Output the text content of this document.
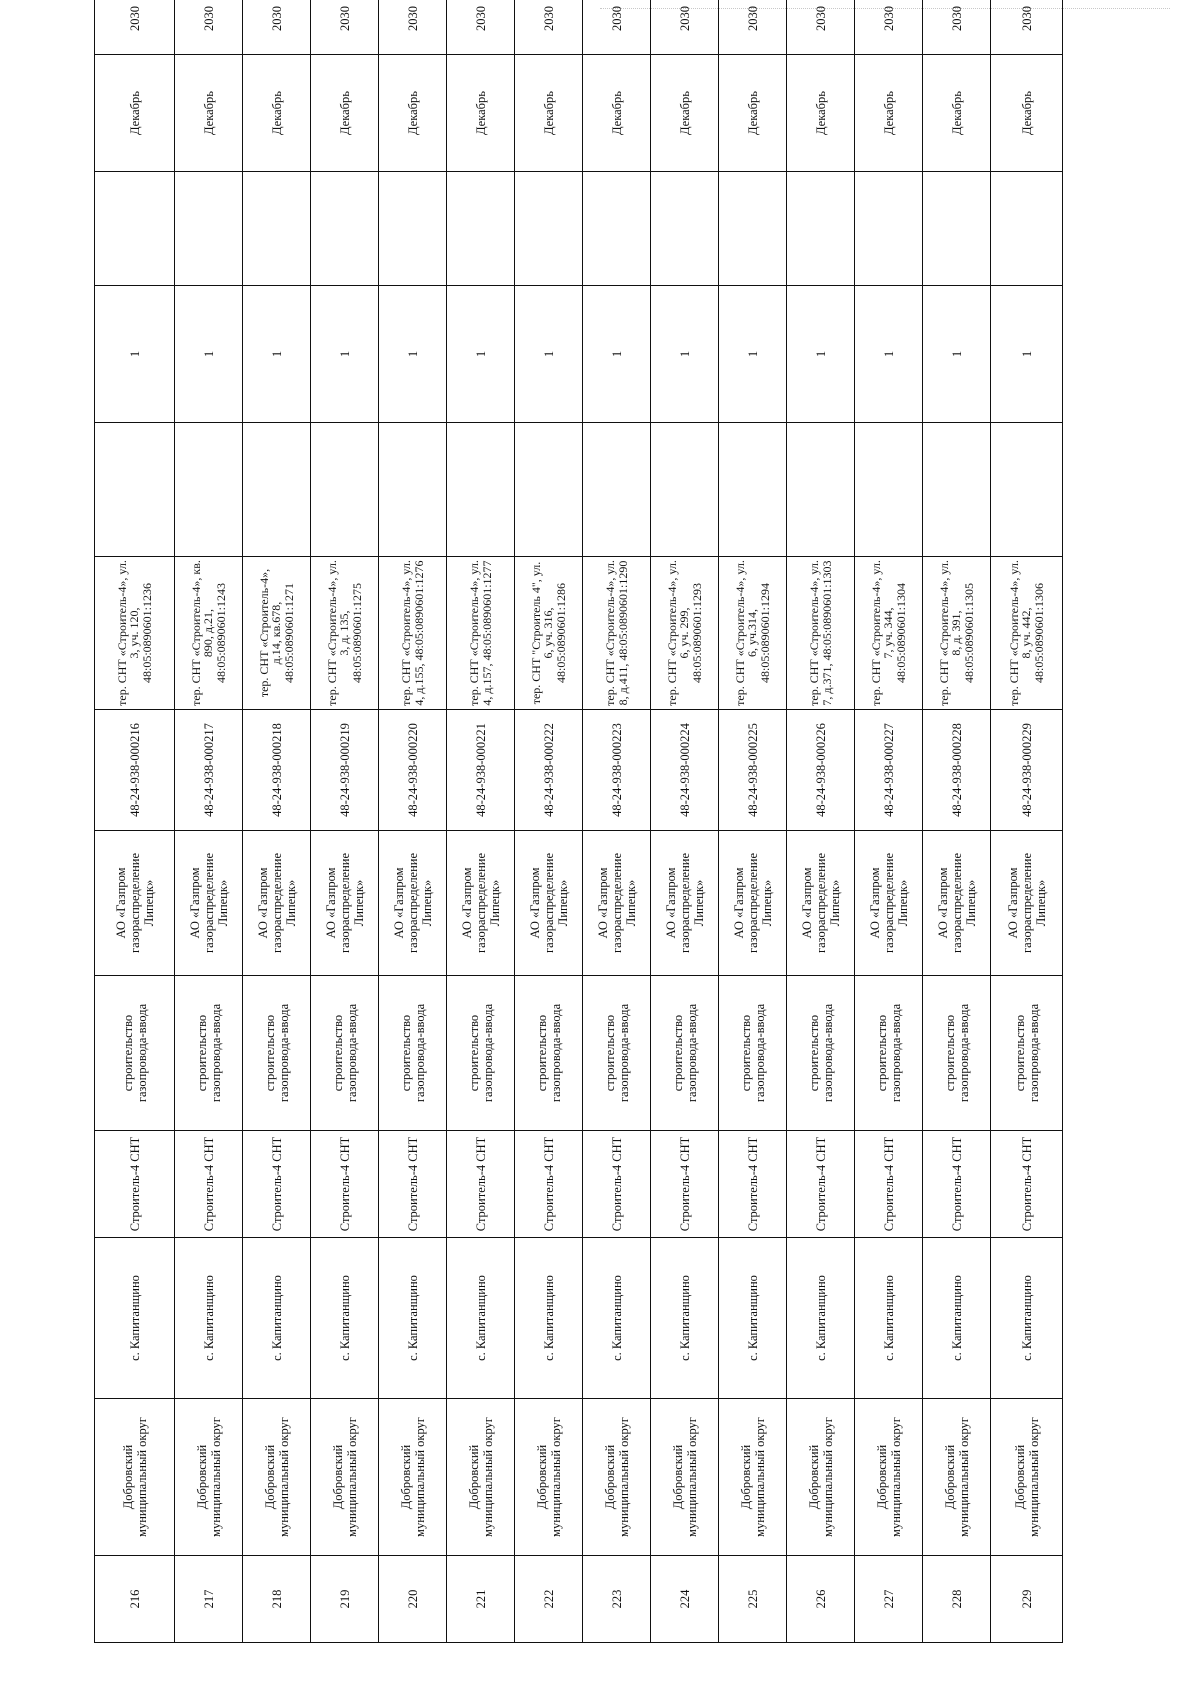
216	Добровский муниципальный округ	с. Капитанщино	Строитель-4 СНТ	строительство газопровода-ввода	АО «Газпром газораспределение Липецк»	48-24-938-000216	тер. СНТ «Строитель-4», ул. 3, уч. 120, 48:05:0890601:1236		1		Декабрь	2030
217	Добровский муниципальный округ	с. Капитанщино	Строитель-4 СНТ	строительство газопровода-ввода	АО «Газпром газораспределение Липецк»	48-24-938-000217	тер. СНТ «Строитель-4», кв. 890, д.21, 48:05:0890601:1243		1		Декабрь	2030
218	Добровский муниципальный округ	с. Капитанщино	Строитель-4 СНТ	строительство газопровода-ввода	АО «Газпром газораспределение Липецк»	48-24-938-000218	тер. СНТ «Строитель-4», д.14, кв.678, 48:05:0890601:1271		1		Декабрь	2030
219	Добровский муниципальный округ	с. Капитанщино	Строитель-4 СНТ	строительство газопровода-ввода	АО «Газпром газораспределение Липецк»	48-24-938-000219	тер. СНТ «Строитель-4», ул. 3, д. 135, 48:05:0890601:1275		1		Декабрь	2030
220	Добровский муниципальный округ	с. Капитанщино	Строитель-4 СНТ	строительство газопровода-ввода	АО «Газпром газораспределение Липецк»	48-24-938-000220	тер. СНТ «Строитель-4», ул. 4, д.155, 48:05:0890601:1276		1		Декабрь	2030
221	Добровский муниципальный округ	с. Капитанщино	Строитель-4 СНТ	строительство газопровода-ввода	АО «Газпром газораспределение Липецк»	48-24-938-000221	тер. СНТ «Строитель-4», ул. 4, д.157, 48:05:0890601:1277		1		Декабрь	2030
222	Добровский муниципальный округ	с. Капитанщино	Строитель-4 СНТ	строительство газопровода-ввода	АО «Газпром газораспределение Липецк»	48-24-938-000222	тер. СНТ "Строитель 4", ул. 6, уч. 316, 48:05:0890601:1286		1		Декабрь	2030
223	Добровский муниципальный округ	с. Капитанщино	Строитель-4 СНТ	строительство газопровода-ввода	АО «Газпром газораспределение Липецк»	48-24-938-000223	тер. СНТ «Строитель-4», ул. 8, д.411, 48:05:0890601:1290		1		Декабрь	2030
224	Добровский муниципальный округ	с. Капитанщино	Строитель-4 СНТ	строительство газопровода-ввода	АО «Газпром газораспределение Липецк»	48-24-938-000224	тер. СНТ «Строитель-4», ул. 6, уч. 299, 48:05:0890601:1293		1		Декабрь	2030
225	Добровский муниципальный округ	с. Капитанщино	Строитель-4 СНТ	строительство газопровода-ввода	АО «Газпром газораспределение Липецк»	48-24-938-000225	тер. СНТ «Строитель-4», ул. 6, уч.314, 48:05:0890601:1294		1		Декабрь	2030
226	Добровский муниципальный округ	с. Капитанщино	Строитель-4 СНТ	строительство газопровода-ввода	АО «Газпром газораспределение Липецк»	48-24-938-000226	тер. СНТ «Строитель-4», ул. 7, д.371, 48:05:0890601:1303		1		Декабрь	2030
227	Добровский муниципальный округ	с. Капитанщино	Строитель-4 СНТ	строительство газопровода-ввода	АО «Газпром газораспределение Липецк»	48-24-938-000227	тер. СНТ «Строитель-4», ул. 7, уч. 344, 48:05:0890601:1304		1		Декабрь	2030
228	Добровский муниципальный округ	с. Капитанщино	Строитель-4 СНТ	строительство газопровода-ввода	АО «Газпром газораспределение Липецк»	48-24-938-000228	тер. СНТ «Строитель-4», ул. 8, д. 391, 48:05:0890601:1305		1		Декабрь	2030
229	Добровский муниципальный округ	с. Капитанщино	Строитель-4 СНТ	строительство газопровода-ввода	АО «Газпром газораспределение Липецк»	48-24-938-000229	тер. СНТ «Строитель-4», ул. 8, уч. 442, 48:05:0890601:1306		1		Декабрь	2030
